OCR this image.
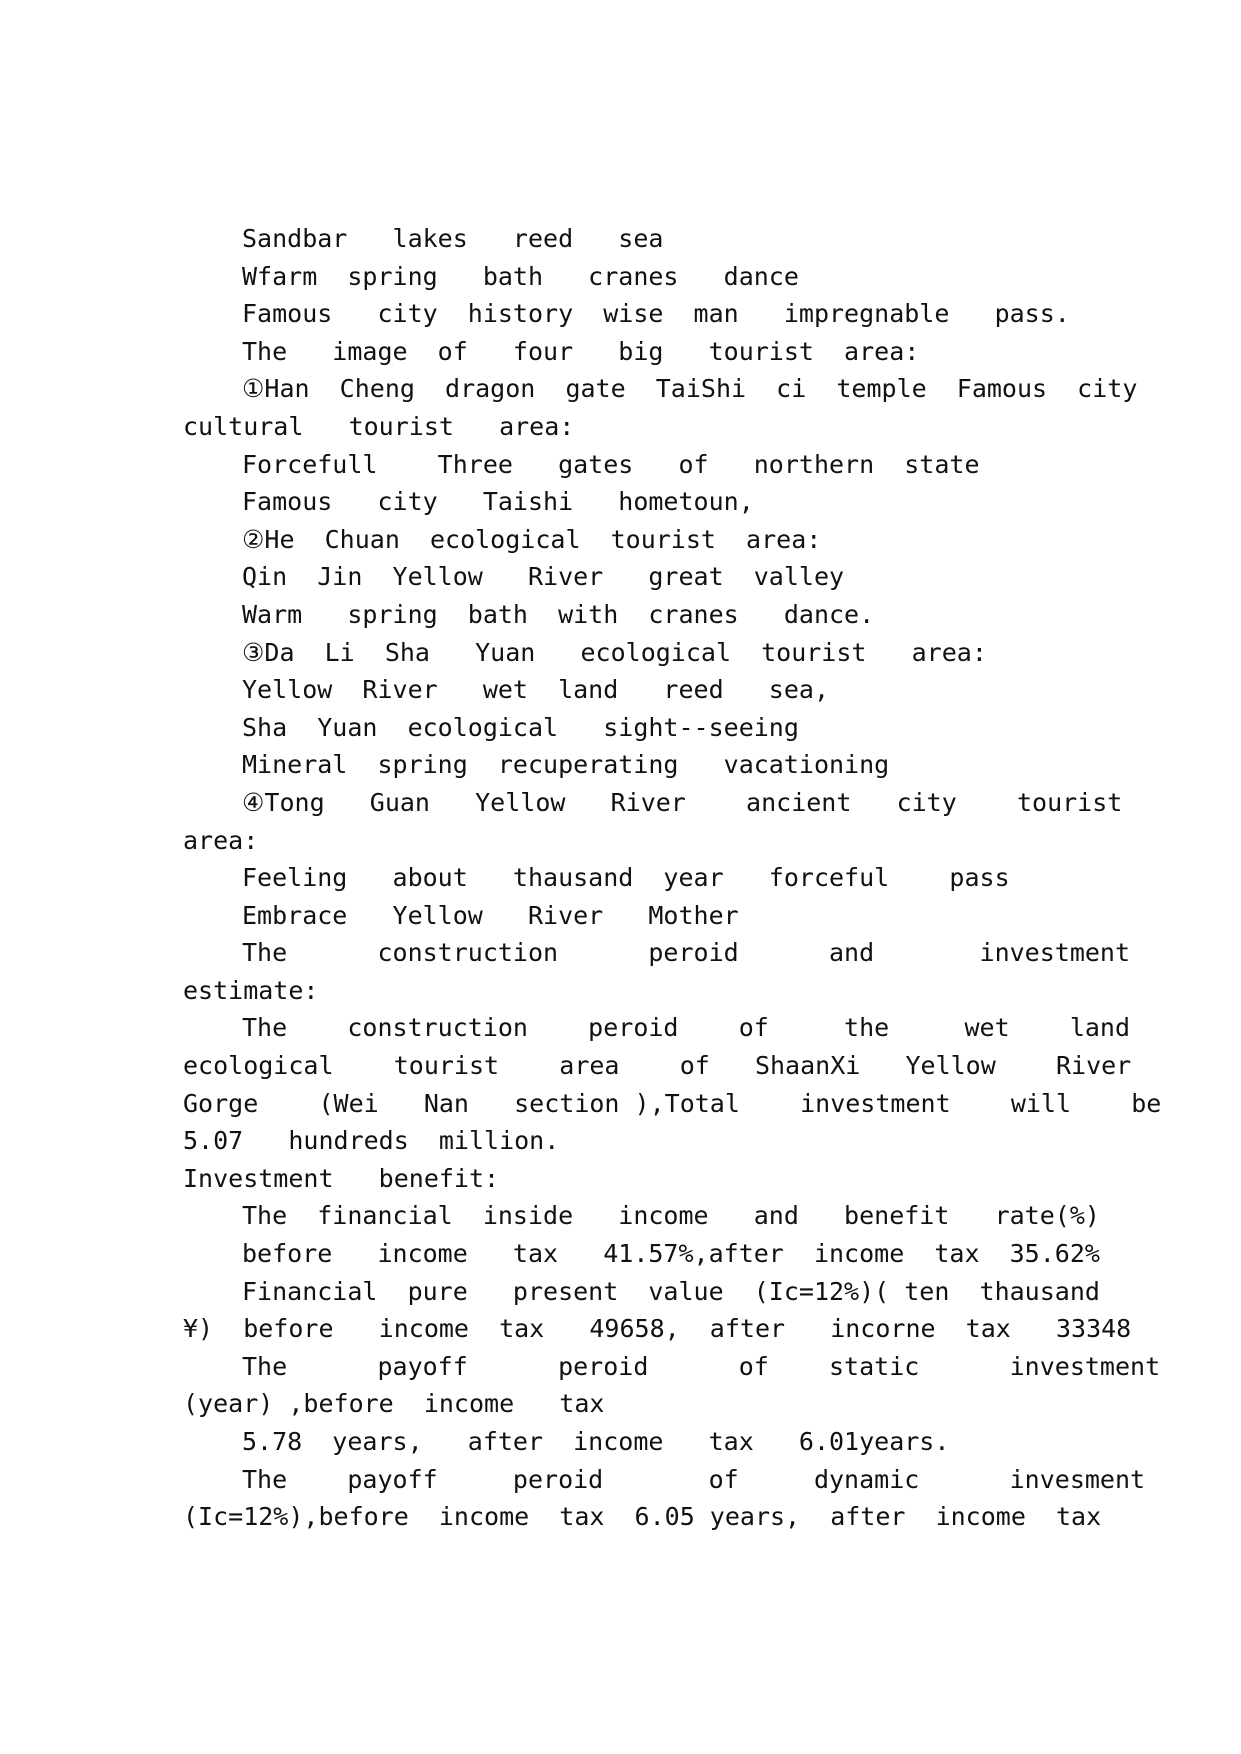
Sandbar   lakes   reed   sea
Wfarm  spring   bath   cranes   dance
Famous   city  history  wise  man   impregnable   pass.
The   image  of   four   big   tourist  area:
①Han  Cheng  dragon  gate  TaiShi  ci  temple  Famous  city
cultural   tourist   area:
Forcefull    Three   gates   of   northern  state
Famous   city   Taishi   hometoun,
②He  Chuan  ecological  tourist  area:
Qin  Jin  Yellow   River   great  valley
Warm   spring  bath  with  cranes   dance.
③Da  Li  Sha   Yuan   ecological  tourist   area:
Yellow  River   wet  land   reed   sea,
Sha  Yuan  ecological   sight--seeing
Mineral  spring  recuperating   vacationing
④Tong   Guan   Yellow   River    ancient   city    tourist
area:
Feeling   about   thausand  year   forceful    pass
Embrace   Yellow   River   Mother
The      construction      peroid      and       investment
estimate:
The    construction    peroid    of     the     wet    land
ecological    tourist    area    of   ShaanXi   Yellow    River
Gorge    (Wei   Nan   section ),Total    investment    will    be
5.07   hundreds  million.
Investment   benefit:
The  financial  inside   income   and   benefit   rate(%)
before   income   tax   41.57%,after  income  tax  35.62%
Financial  pure   present  value  (Ic=12%)( ten  thausand
¥)  before   income  tax   49658,  after   incorne  tax   33348
The      payoff      peroid      of    static      investment
(year) ,before  income   tax
5.78  years,   after  income   tax   6.01years.
The    payoff     peroid       of     dynamic      invesment
(Ic=12%),before  income  tax  6.05 years,  after  income  tax
